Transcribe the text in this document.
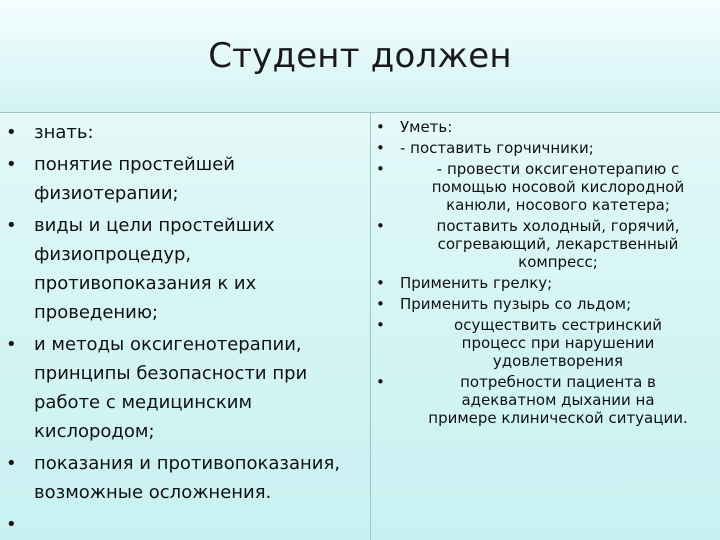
Студент должен
• знать:
• понятие простейшей
физиотерапии;
• виды и цели простейших
физиопроцедур,
противопоказания к их
проведению;
• и методы оксигенотерапии,
принципы безопасности при
работе с медицинским
кислородом;
• показания и противопоказания,
возможные осложнения.
•
• Уметь:
• - поставить горчичники;
•	- провести оксигенотерапию с
помощью носовой кислородной
канюли, носового катетера;
•	поставить холодный, горячий,
согревающий, лекарственный
компресс;
• Применить грелку;
• Применить пузырь со льдом;
•	осуществить сестринский
процесс при нарушении
удовлетворения
•	потребности пациента в
адекватном дыхании на
примере клинической ситуации.
